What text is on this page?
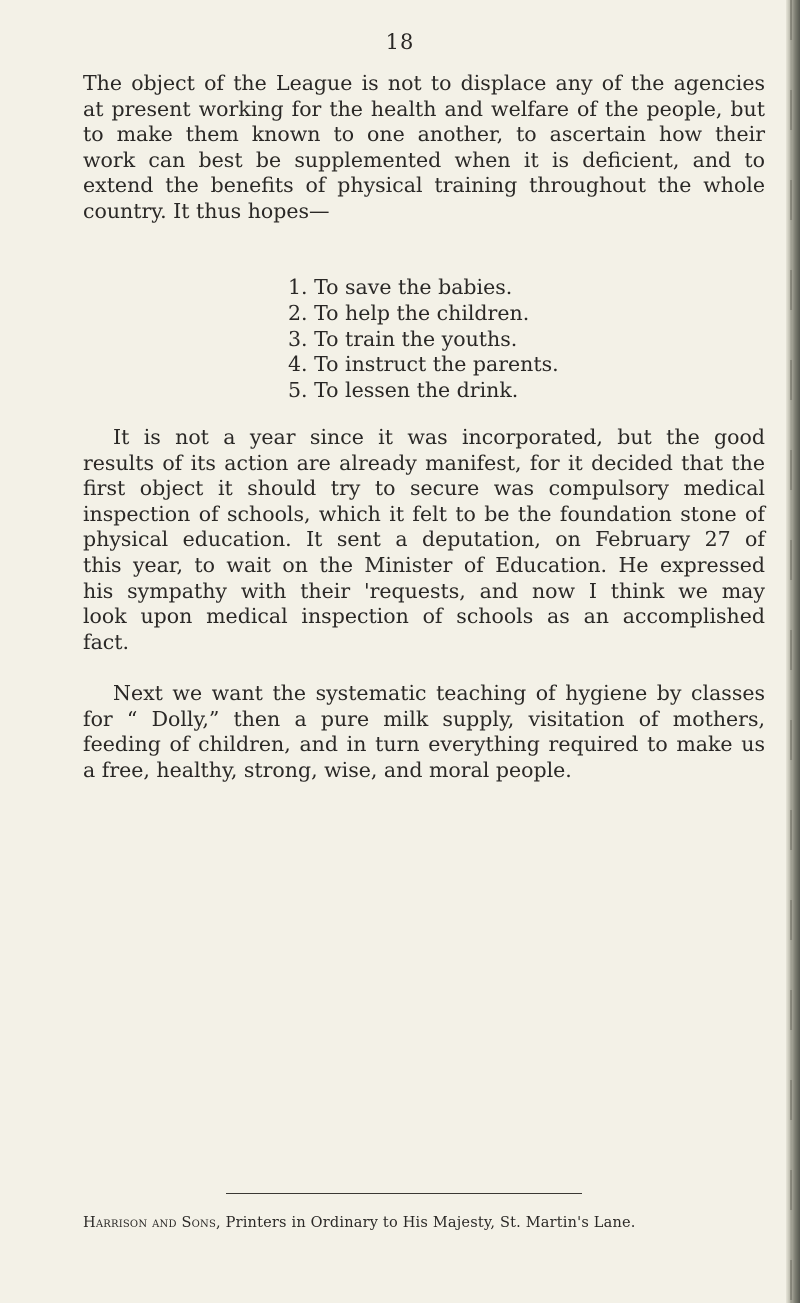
18

The object of the League is not to displace any of the agencies
at present working for the health and welfare of the people, but
to make them known to one another, to ascertain how their
work can best be supplemented when it is deficient, and to
extend the benefits of physical training throughout the whole
country. It thus hopes—

1. To save the babies.
2. To help the children.
3. To train the youths.
4. To instruct the parents.
5. To lessen the drink.

It is not a year since it was incorporated, but the good
results of its action are already manifest, for it decided that the
first object it should try to secure was compulsory medical
inspection of schools, which it felt to be the foundation stone of
physical education. It sent a deputation, on February 27 of
this year, to wait on the Minister of Education. He expressed
his sympathy with their 'requests, and now I think we may
look upon medical inspection of schools as an accomplished
fact.

Next we want the systematic teaching of hygiene by classes
for “ Dolly,” then a pure milk supply, visitation of mothers,
feeding of children, and in turn everything required to make us
a free, healthy, strong, wise, and moral people.

Harrison and Sons, Printers in Ordinary to His Majesty, St. Martin's Lane.
